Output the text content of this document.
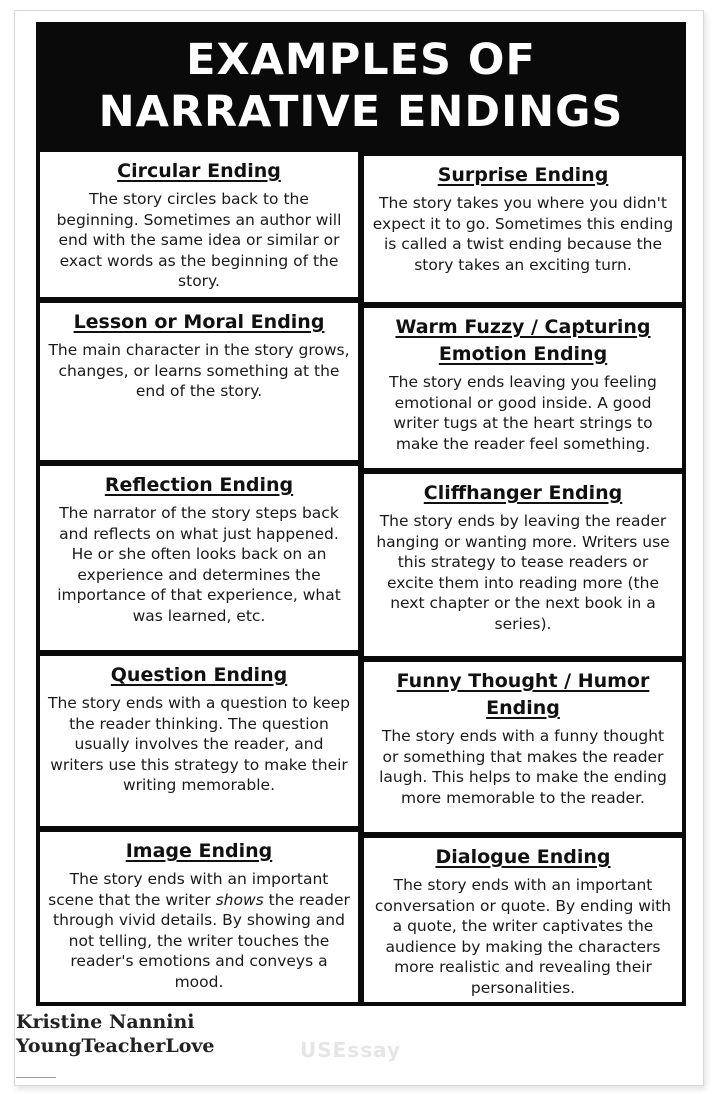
EXAMPLES OF
NARRATIVE ENDINGS
Circular Ending
The story circles back to the beginning. Sometimes an author will end with the same idea or similar or exact words as the beginning of the story.
Surprise Ending
The story takes you where you didn't expect it to go. Sometimes this ending is called a twist ending because the story takes an exciting turn.
Lesson or Moral Ending
The main character in the story grows, changes, or learns something at the end of the story.
Warm Fuzzy / Capturing Emotion Ending
The story ends leaving you feeling emotional or good inside. A good writer tugs at the heart strings to make the reader feel something.
Reflection Ending
The narrator of the story steps back and reflects on what just happened. He or she often looks back on an experience and determines the importance of that experience, what was learned, etc.
Cliffhanger Ending
The story ends by leaving the reader hanging or wanting more. Writers use this strategy to tease readers or excite them into reading more (the next chapter or the next book in a series).
Question Ending
The story ends with a question to keep the reader thinking. The question usually involves the reader, and writers use this strategy to make their writing memorable.
Funny Thought / Humor Ending
The story ends with a funny thought or something that makes the reader laugh. This helps to make the ending more memorable to the reader.
Image Ending
The story ends with an important scene that the writer shows the reader through vivid details. By showing and not telling, the writer touches the reader's emotions and conveys a mood.
Dialogue Ending
The story ends with an important conversation or quote. By ending with a quote, the writer captivates the audience by making the characters more realistic and revealing their personalities.
Kristine Nannini
YoungTeacherLove	USEssay
